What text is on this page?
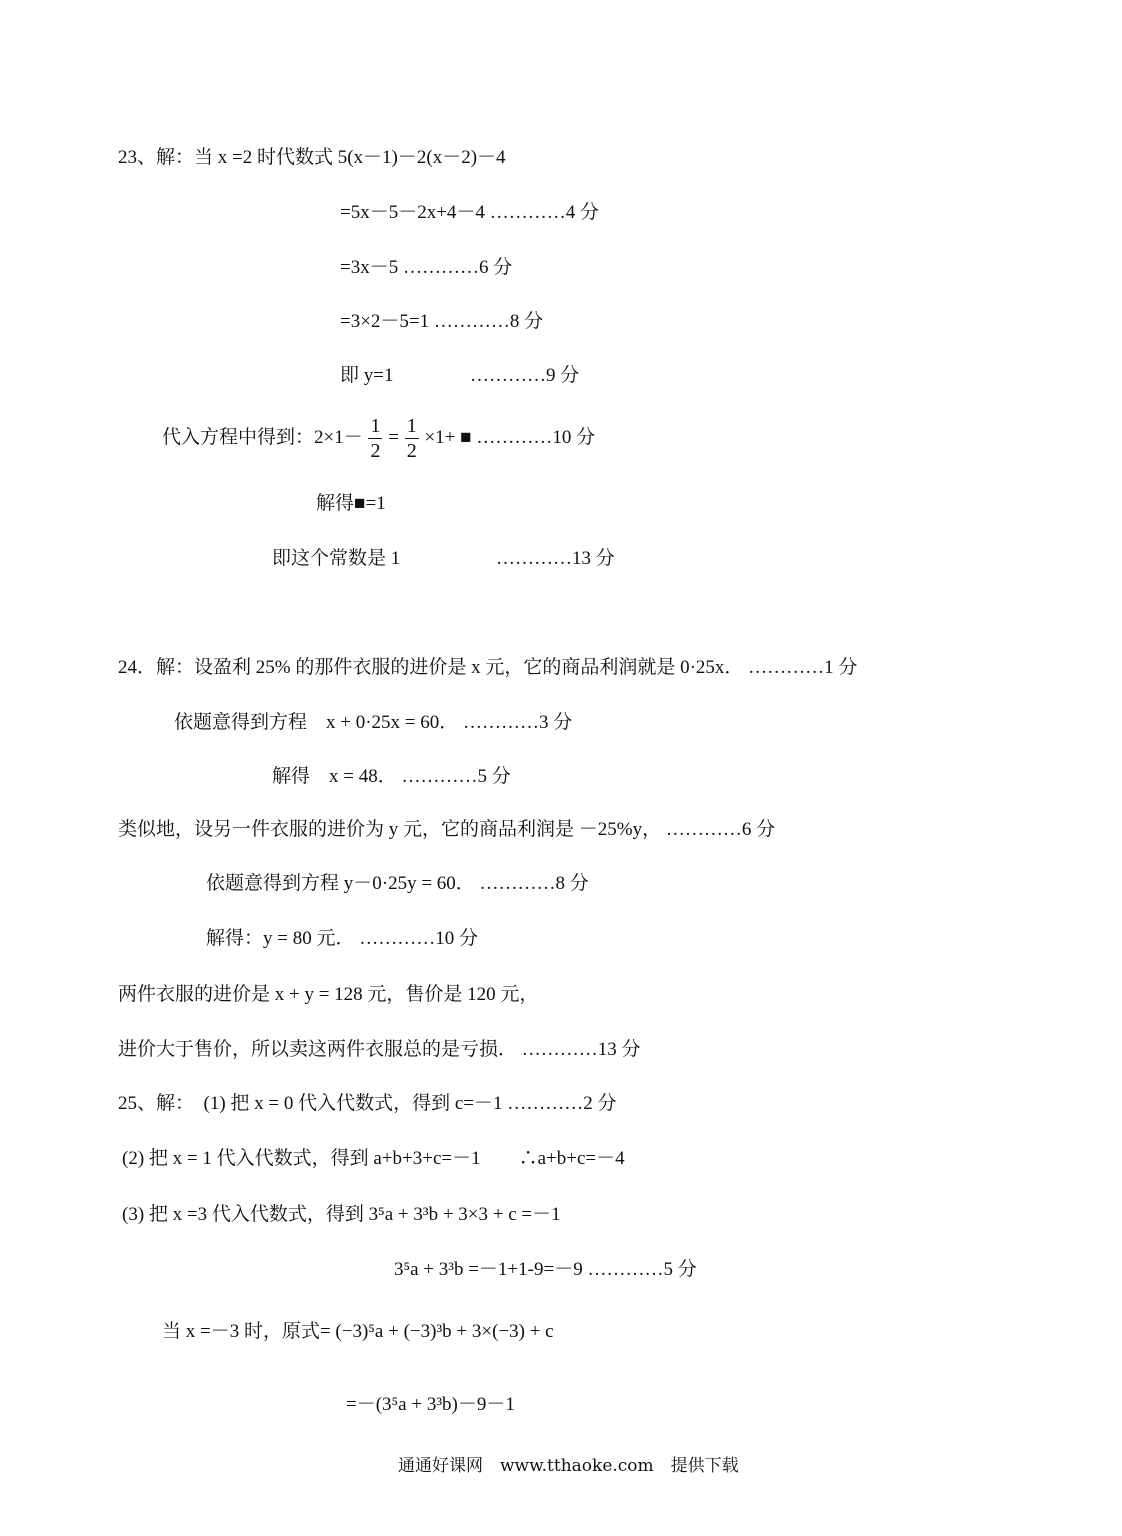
23、解：当 x =2 时代数式 5(x－1)－2(x－2)－4
=5x－5－2x+4－4 …………4 分
=3x－5 …………6 分
=3×2－5=1 …………8 分
即 y=1	…………9 分
代入方程中得到：$2\times 1- \frac{1}{2} = \frac{1}{2} \times 1+$ ■ …………10 分
解得■=1
即这个常数是 1	…………13 分
24．解：设盈利 25% 的那件衣服的进价是 x 元，它的商品利润就是 0·25x． …………1 分
依题意得到方程　x + 0·25x = 60． …………3 分
解得　x = 48． …………5 分
类似地，设另一件衣服的进价为 y 元，它的商品利润是 －25%y， …………6 分
依题意得到方程 y－0·25y = 60． …………8 分
解得：y = 80 元． …………10 分
两件衣服的进价是 x + y = 128 元，售价是 120 元，
进价大于售价，所以卖这两件衣服总的是亏损． …………13 分
25、解：　(1) 把 x = 0 代入代数式，得到 c=－1 …………2 分
(2) 把 x = 1 代入代数式，得到 a+b+3+c=－1　　∴a+b+c=－4
(3) 把 x =3 代入代数式，得到 3⁵a + 3³b + 3×3 + c =－1
3⁵a + 3³b =－1+1-9=－9 …………5 分
当 x =－3 时，原式= (−3)⁵a + (−3)³b + 3×(−3) + c
=－(3⁵a + 3³b)－9－1
通通好课网　www.tthaoke.com　提供下载
